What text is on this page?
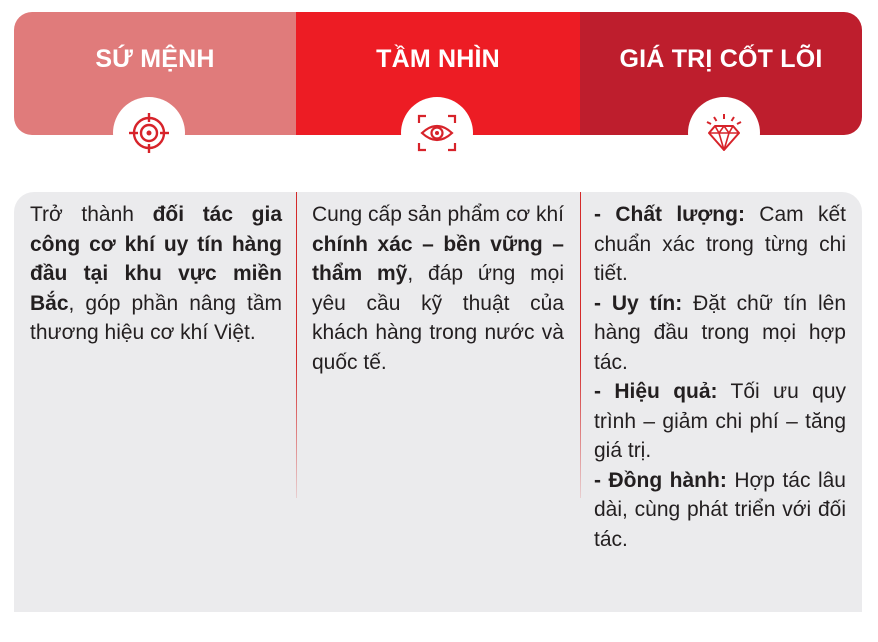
SỨ MỆNH	TẦM NHÌN	GIÁ TRỊ CỐT LÕI
Trở thành đối tác gia công cơ khí uy tín hàng đầu tại khu vực miền Bắc, góp phần nâng tầm thương hiệu cơ khí Việt.
Cung cấp sản phẩm cơ khí chính xác – bền vững – thẩm mỹ, đáp ứng mọi yêu cầu kỹ thuật của khách hàng trong nước và quốc tế.

- Chất lượng: Cam kết chuẩn xác trong từng chi tiết.

- Uy tín: Đặt chữ tín lên hàng đầu trong mọi hợp tác.

- Hiệu quả: Tối ưu quy trình – giảm chi phí – tăng giá trị.

- Đồng hành: Hợp tác lâu dài, cùng phát triển với đối tác.
